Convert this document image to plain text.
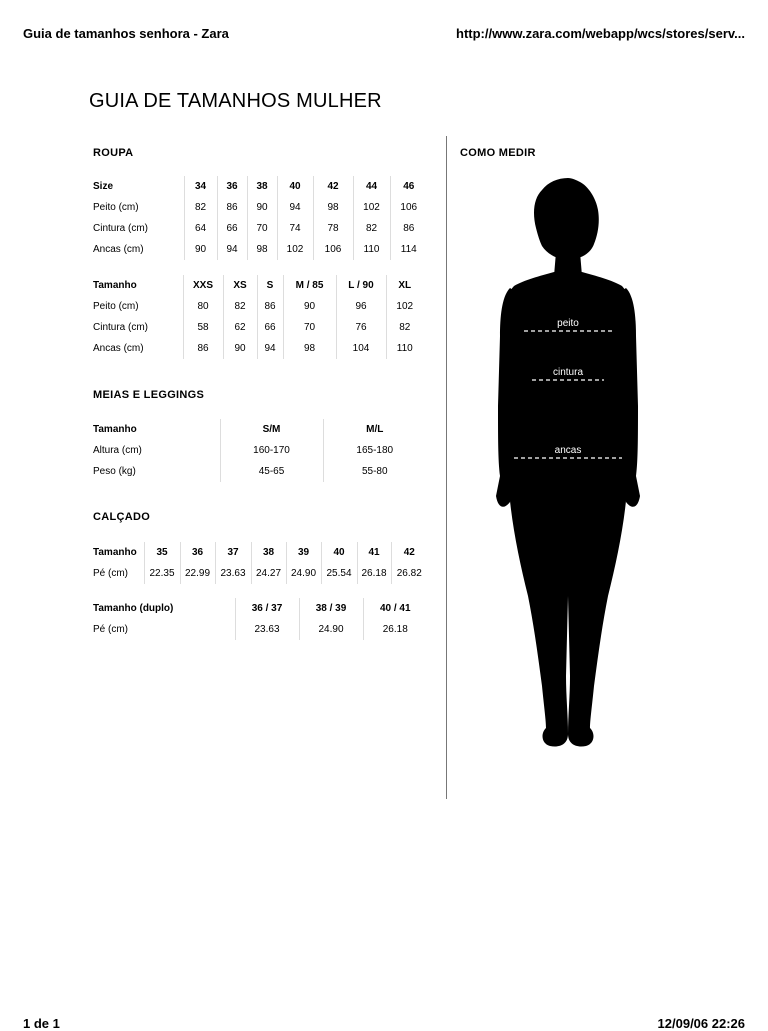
Guia de tamanhos senhora - Zara	http://www.zara.com/webapp/wcs/stores/serv...
GUIA DE TAMANHOS MULHER
ROUPA
Size	34	36	38	40	42	44	46
Peito (cm)	82	86	90	94	98	102	106
Cintura (cm)	64	66	70	74	78	82	86
Ancas (cm)	90	94	98	102	106	110	114
Tamanho	XXS	XS	S	M / 85	L / 90	XL
Peito (cm)	80	82	86	90	96	102
Cintura (cm)	58	62	66	70	76	82
Ancas (cm)	86	90	94	98	104	110
MEIAS E LEGGINGS
Tamanho	S/M	M/L
Altura (cm)	160-170	165-180
Peso (kg)	45-65	55-80
CALÇADO
Tamanho	35	36	37	38	39	40	41	42
Pé (cm)	22.35	22.99	23.63	24.27	24.90	25.54	26.18	26.82
Tamanho (duplo)	36 / 37	38 / 39	40 / 41
Pé (cm)	23.63	24.90	26.18
COMO MEDIR
peito
cintura
ancas
1 de 1	12/09/06 22:26
